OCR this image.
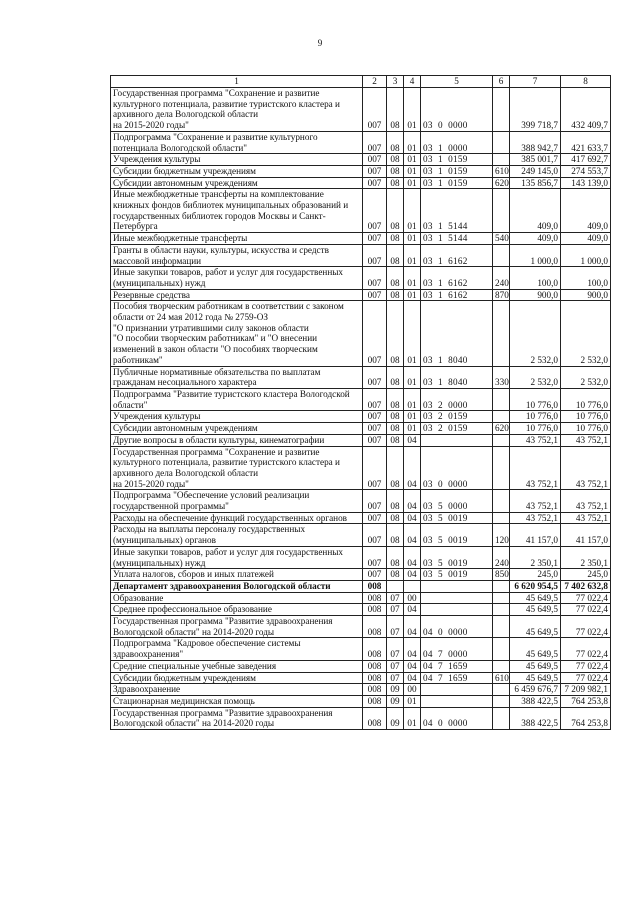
9
1	2	3	4	5	6	7	8
Государственная программа "Сохранение и развитие культурного потенциала, развитие туристского кластера и архивного дела Вологодской области
на 2015-2020 годы"	007	08	01	03  0  0000		399 718,7	432 409,7
Подпрограмма "Сохранение и развитие культурного потенциала Вологодской области"	007	08	01	03  1  0000		388 942,7	421 633,7
Учреждения культуры	007	08	01	03  1  0159		385 001,7	417 692,7
Субсидии бюджетным учреждениям	007	08	01	03  1  0159	610	249 145,0	274 553,7
Субсидии автономным учреждениям	007	08	01	03  1  0159	620	135 856,7	143 139,0
Иные межбюджетные трансферты на комплектование книжных фондов библиотек муниципальных образований и государственных библиотек городов Москвы и Санкт-Петербурга	007	08	01	03  1  5144		409,0	409,0
Иные межбюджетные трансферты	007	08	01	03  1  5144	540	409,0	409,0
Гранты в области науки, культуры, искусства и средств массовой информации	007	08	01	03  1  6162		1 000,0	1 000,0
Иные закупки товаров, работ и услуг для государственных (муниципальных) нужд	007	08	01	03  1  6162	240	100,0	100,0
Резервные средства	007	08	01	03  1  6162	870	900,0	900,0
Пособия творческим работникам в соответствии с законом области от 24 мая 2012 года № 2759-ОЗ
"О признании утратившими силу законов области
"О пособии творческим работникам" и "О внесении изменений в закон области "О пособиях творческим работникам"	007	08	01	03  1  8040		2 532,0	2 532,0
Публичные нормативные обязательства по выплатам гражданам несоциального характера	007	08	01	03  1  8040	330	2 532,0	2 532,0
Подпрограмма "Развитие туристского кластера Вологодской области"	007	08	01	03  2  0000		10 776,0	10 776,0
Учреждения культуры	007	08	01	03  2  0159		10 776,0	10 776,0
Субсидии автономным учреждениям	007	08	01	03  2  0159	620	10 776,0	10 776,0
Другие вопросы в области культуры, кинематографии	007	08	04			43 752,1	43 752,1
Государственная программа "Сохранение и развитие культурного потенциала, развитие туристского кластера и архивного дела Вологодской области
на 2015-2020 годы"	007	08	04	03  0  0000		43 752,1	43 752,1
Подпрограмма "Обеспечение условий реализации государственной программы"	007	08	04	03  5  0000		43 752,1	43 752,1
Расходы на обеспечение функций государственных органов	007	08	04	03  5  0019		43 752,1	43 752,1
Расходы на выплаты персоналу государственных (муниципальных) органов	007	08	04	03  5  0019	120	41 157,0	41 157,0
Иные закупки товаров, работ и услуг для государственных (муниципальных) нужд	007	08	04	03  5  0019	240	2 350,1	2 350,1
Уплата налогов, сборов и иных платежей	007	08	04	03  5  0019	850	245,0	245,0
Департамент здравоохранения Вологодской области	008					6 620 954,5	7 402 632,8
Образование	008	07	00			45 649,5	77 022,4
Среднее профессиональное образование	008	07	04			45 649,5	77 022,4
Государственная программа "Развитие здравоохранения Вологодской области" на 2014-2020 годы	008	07	04	04  0  0000		45 649,5	77 022,4
Подпрограмма "Кадровое обеспечение системы здравоохранения"	008	07	04	04  7  0000		45 649,5	77 022,4
Средние специальные учебные заведения	008	07	04	04  7  1659		45 649,5	77 022,4
Субсидии бюджетным учреждениям	008	07	04	04  7  1659	610	45 649,5	77 022,4
Здравоохранение	008	09	00			6 459 676,7	7 209 982,1
Стационарная медицинская помощь	008	09	01			388 422,5	764 253,8
Государственная программа "Развитие здравоохранения Вологодской области" на 2014-2020 годы	008	09	01	04  0  0000		388 422,5	764 253,8
